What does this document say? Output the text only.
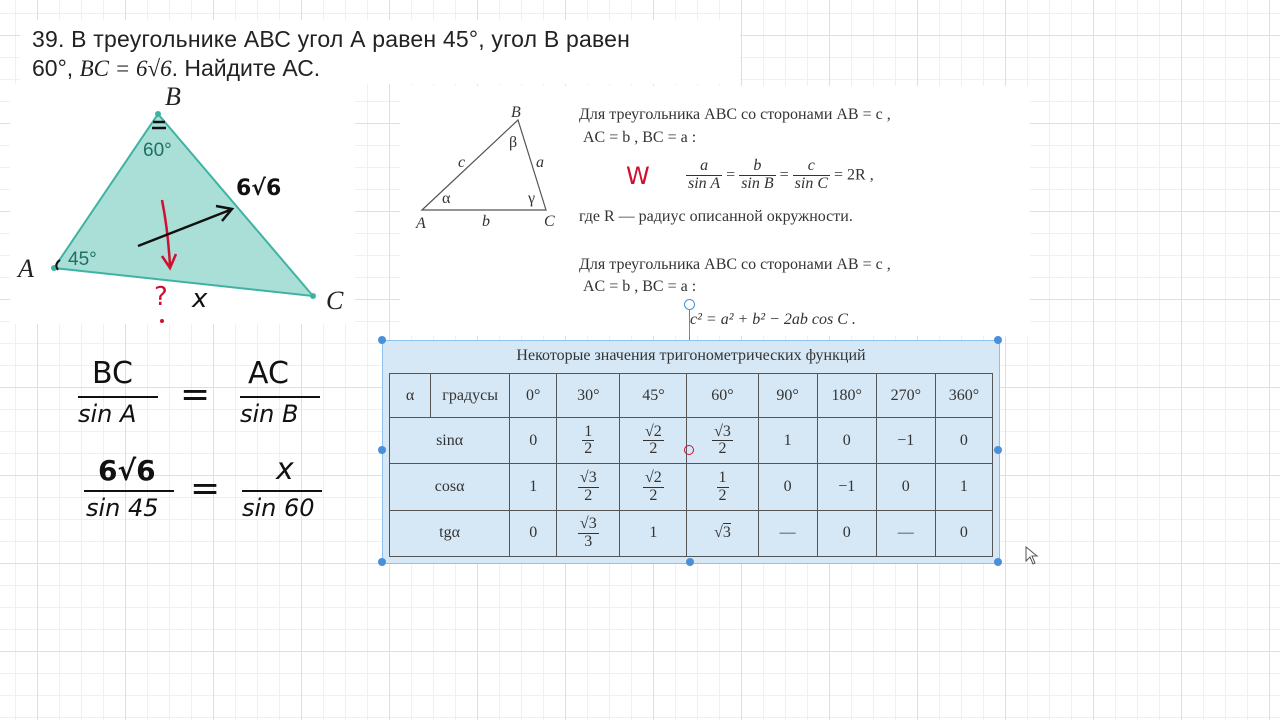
39. В треугольнике АВС угол А равен 45°, угол В равен
60°, BC = 6√6. Найдите АС.
B
A
C
60°
45°
6√6
? x
BC
sin A =
AC
sin B
6√6
sin 45 = x
sin 60
B
A	C
c	a
b
α
β
γ
Для треугольника ABC со сторонами AB = c ,
AC = b , BC = a :
W $\frac{a}{\text{sin A}} = \frac{b}{\text{sin B}} = \frac{c}{\text{sin C}} = 2R$ ,
где R — радиус описанной окружности.
Для треугольника ABC со сторонами AB = c ,
AC = b , BC = a :
c² = a² + b² − 2ab cos C .
Некоторые значения тригонометрических функций
α	градусы	0°	30°	45°	60°	90°	180°	270°	360°
sinα		0	$\frac{1}{2}$	$\frac{√2}{2}$	$\frac{√3}{2}$	1	0	−1	0
cosα		1	$\frac{√3}{2}$	$\frac{√2}{2}$	$\frac{1}{2}$	0	−1	0	1
tgα		0	$\frac{√3}{3}$	1	√3	—	0	—	0
